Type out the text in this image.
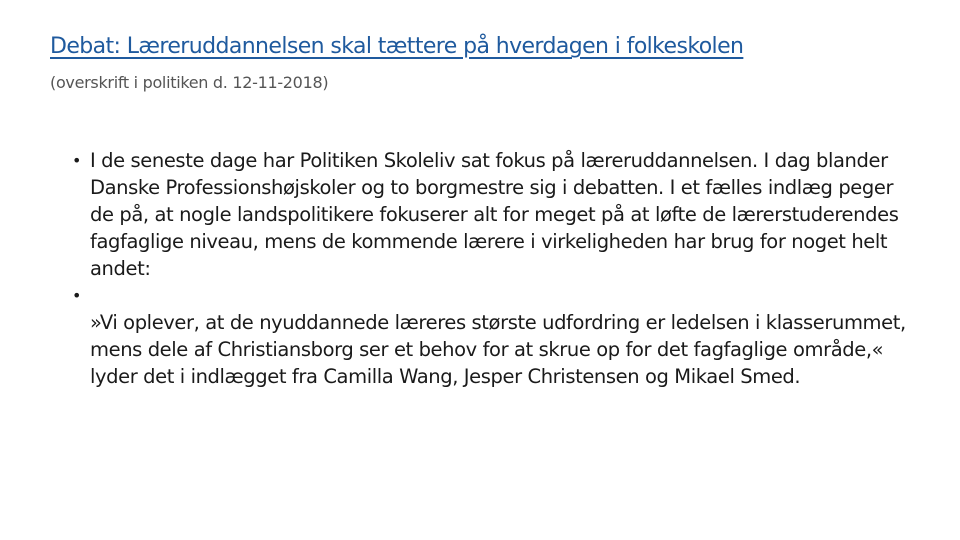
Debat: Læreruddannelsen skal tættere på hverdagen i folkeskolen
(overskrift i politiken d. 12-11-2018)
• I de seneste dage har Politiken Skoleliv sat fokus på læreruddannelsen. I dag blander Danske Professionshøjskoler og to borgmestre sig i debatten. I et fælles indlæg peger de på, at nogle landspolitikere fokuserer alt for meget på at løfte de lærerstuderendes fagfaglige niveau, mens de kommende lærere i virkeligheden har brug for noget helt andet:
• »Vi oplever, at de nyuddannede læreres største udfordring er ledelsen i klasserummet, mens dele af Christiansborg ser et behov for at skrue op for det fagfaglige område,« lyder det i indlægget fra Camilla Wang, Jesper Christensen og Mikael Smed.
